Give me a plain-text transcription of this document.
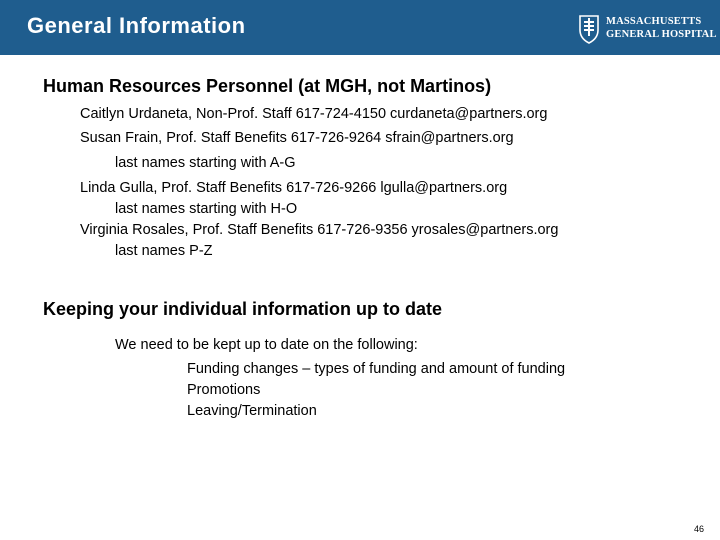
General Information	MASSACHUSETTS
GENERAL HOSPITAL
Human Resources Personnel (at MGH, not Martinos)
Caitlyn Urdaneta, Non-Prof. Staff 617-724-4150 curdaneta@partners.org
Susan Frain, Prof. Staff Benefits 617-726-9264 sfrain@partners.org
last names starting with A-G
Linda Gulla, Prof. Staff Benefits 617-726-9266 lgulla@partners.org
last names starting with H-O
Virginia Rosales, Prof. Staff Benefits 617-726-9356 yrosales@partners.org
last names P-Z
Keeping your individual information up to date
We need to be kept up to date on the following:
Funding changes – types of funding and amount of funding
Promotions
Leaving/Termination
46
